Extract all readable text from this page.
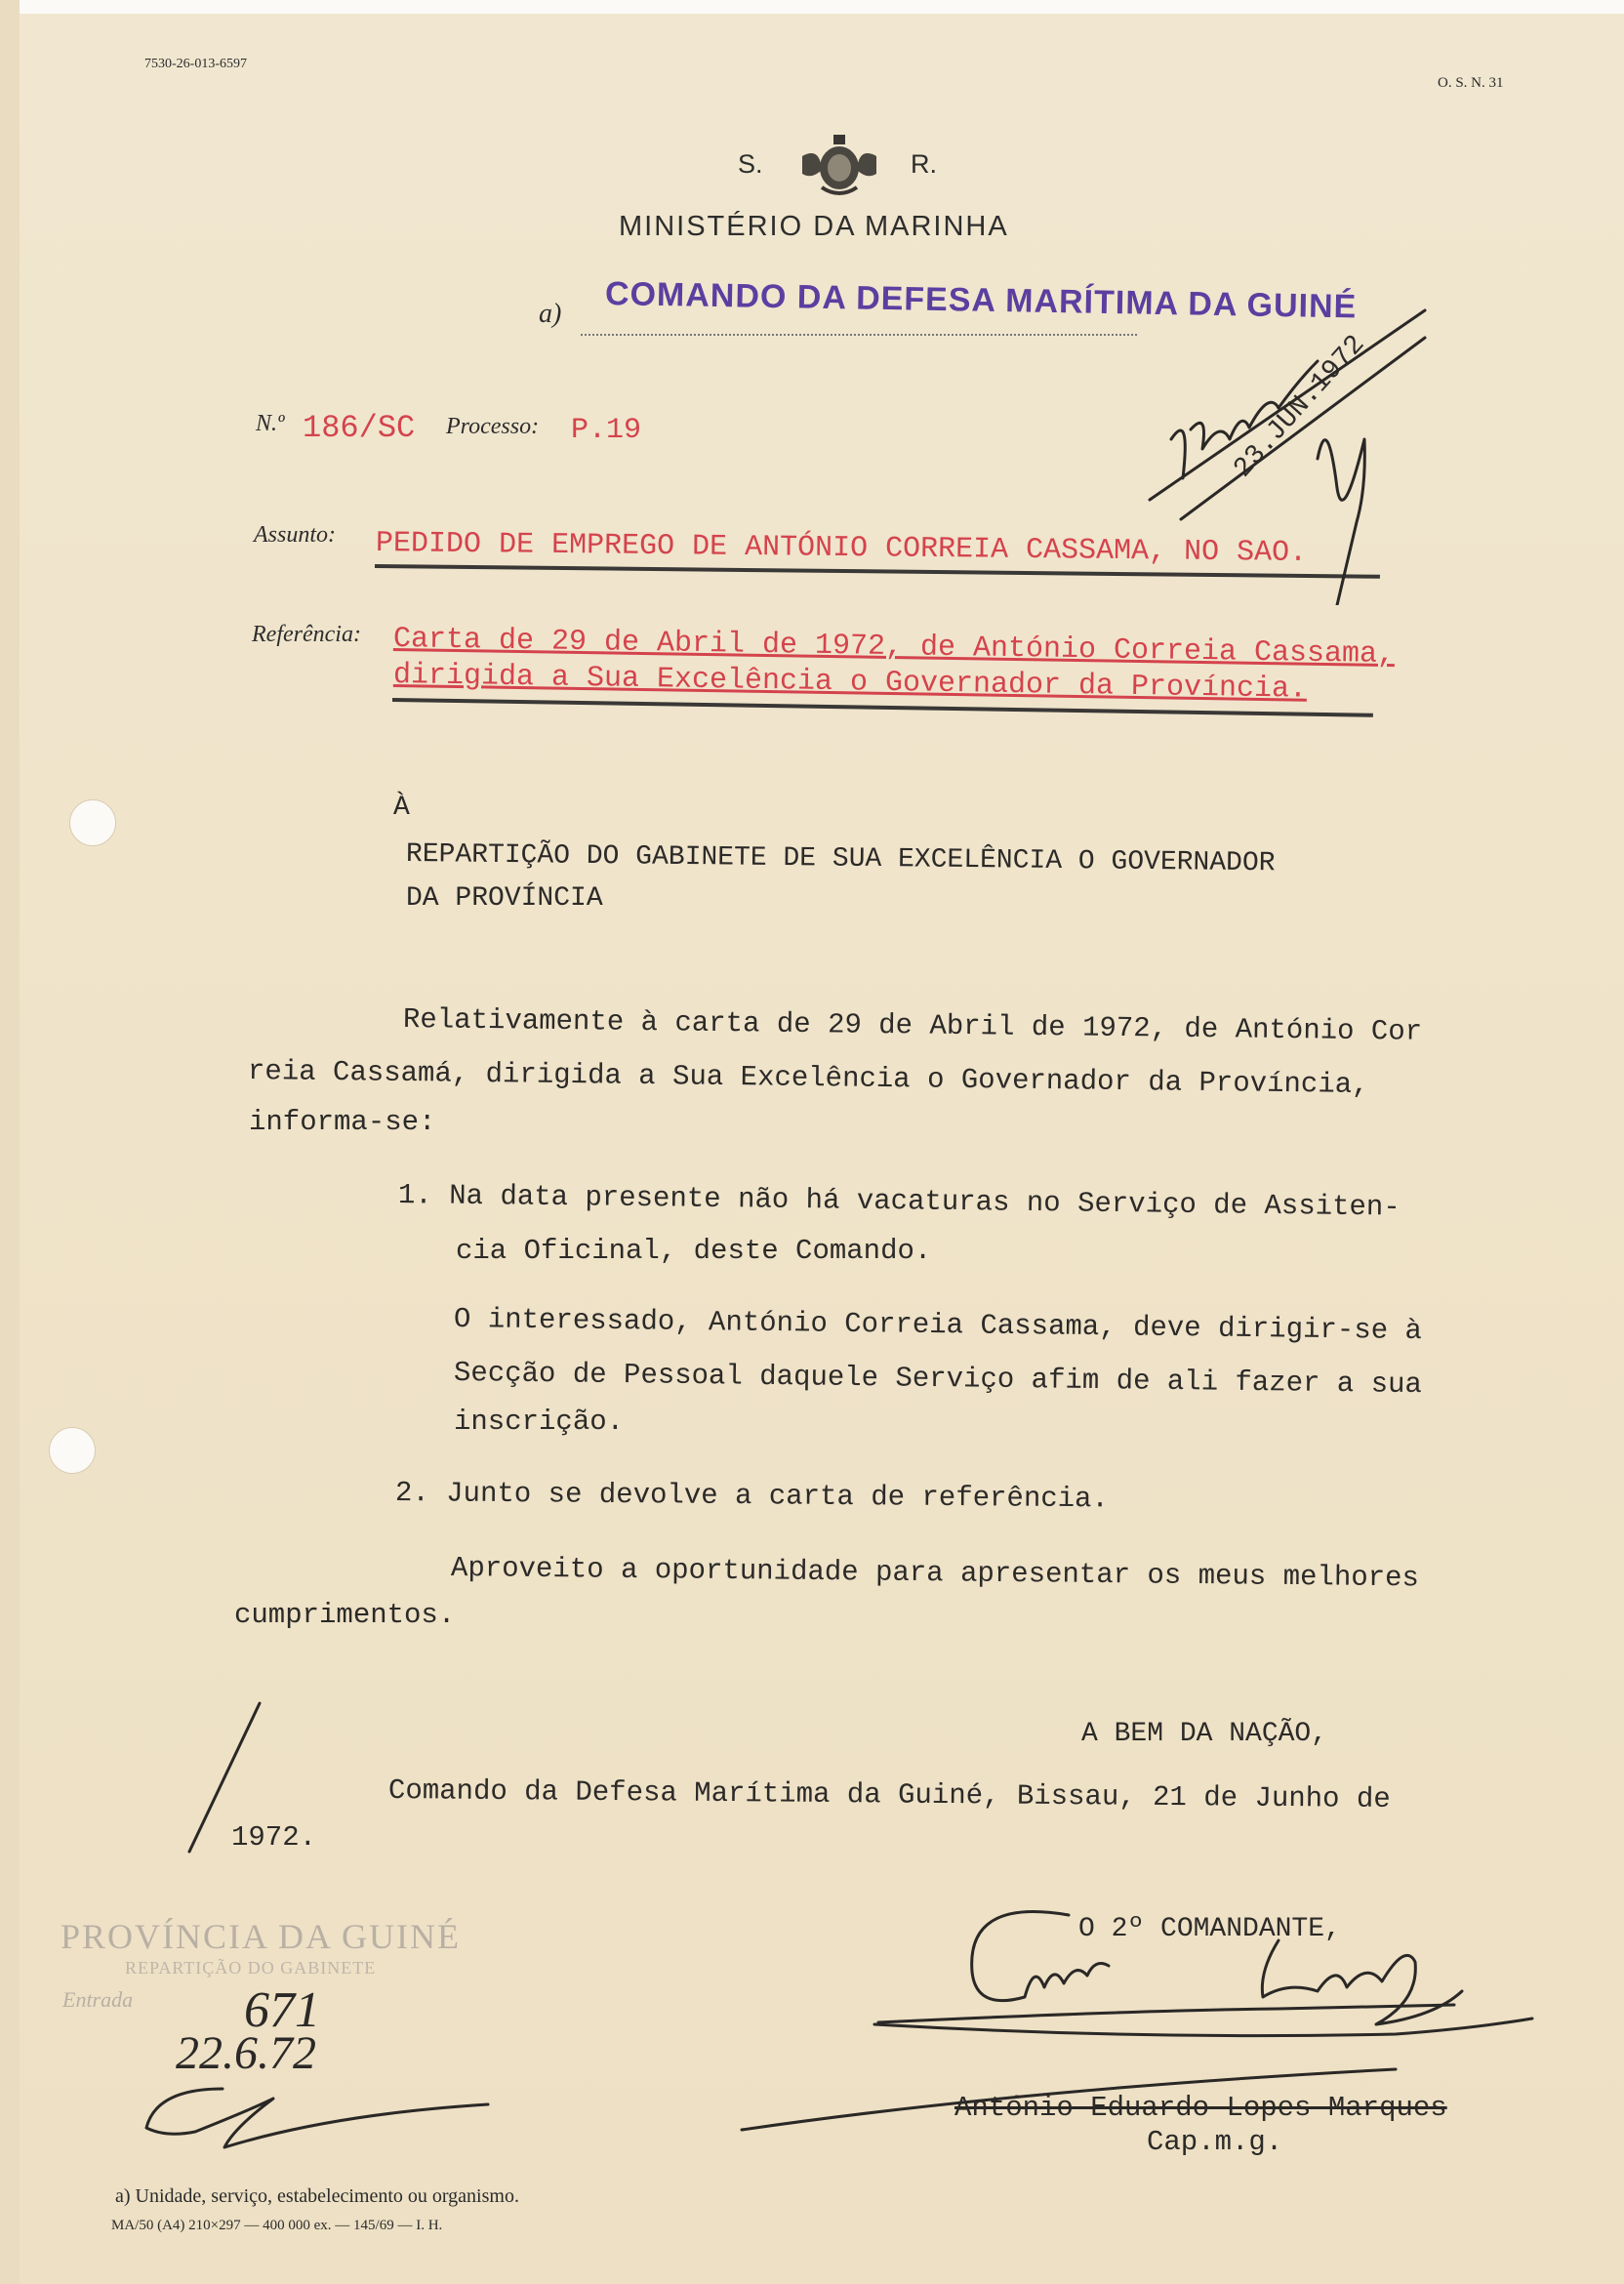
7530-26-013-6597
O. S. N. 31
S.	R.
MINISTÉRIO DA MARINHA
a) COMANDO DA DEFESA MARÍTIMA DA GUINÉ
N.º 186/SC Processo: P.19
Assunto: PEDIDO DE EMPREGO DE ANTÓNIO CORREIA CASSAMA, NO SAO.
Referência: Carta de 29 de Abril de 1972, de António Correia Cassama,
dirigida a Sua Excelência o Governador da Província.
23.JUN.1972
À
REPARTIÇÃO DO GABINETE DE SUA EXCELÊNCIA O GOVERNADOR
DA PROVÍNCIA
Relativamente à carta de 29 de Abril de 1972, de António Cor
reia Cassamá, dirigida a Sua Excelência o Governador da Província,
informa-se:
1. Na data presente não há vacaturas no Serviço de Assiten-
cia Oficinal, deste Comando.
O interessado, António Correia Cassama, deve dirigir-se à
Secção de Pessoal daquele Serviço afim de ali fazer a sua
inscrição.
2. Junto se devolve a carta de referência.
Aproveito a oportunidade para apresentar os meus melhores
cumprimentos.
A BEM DA NAÇÃO,
Comando da Defesa Marítima da Guiné, Bissau, 21 de Junho de
1972.
O 2º COMANDANTE,
António Eduardo Lopes Marques
Cap.m.g.
PROVÍNCIA DA GUINÉ
REPARTIÇÃO DO GABINETE
Entrada 671
22.6.72
a) Unidade, serviço, estabelecimento ou organismo.
MA/50 (A4) 210×297 — 400 000 ex. — 145/69 — I. H.
